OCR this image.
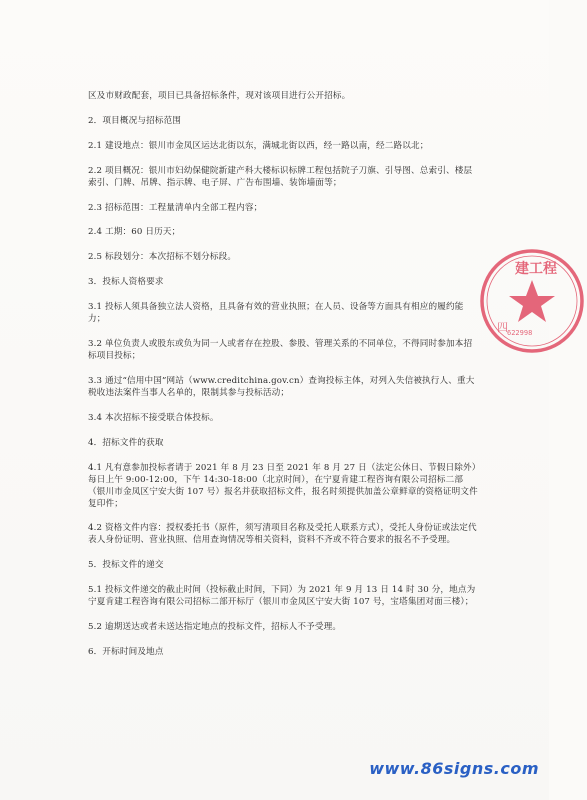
区及市财政配套，项目已具备招标条件，现对该项目进行公开招标。

2．项目概况与招标范围

2.1 建设地点：银川市金凤区运达北街以东，满城北街以西，经一路以南，经二路以北；

2.2 项目概况：银川市妇幼保健院新建产科大楼标识标牌工程包括院子刀旗、引导图、总索引、楼层索引、门牌、吊牌、指示牌、电子屏、广告布围墙、装饰墙面等；

2.3 招标范围：工程量清单内全部工程内容；

2.4 工期：60 日历天；

2.5 标段划分：本次招标不划分标段。

3．投标人资格要求

3.1 投标人须具备独立法人资格，且具备有效的营业执照；在人员、设备等方面具有相应的履约能力；

3.2 单位负责人或股东或负为同一人或者存在控股、参股、管理关系的不同单位，不得同时参加本招标项目投标；

3.3 通过“信用中国”网站（www.creditchina.gov.cn）查询投标主体，对列入失信被执行人、重大税收违法案件当事人名单的，限制其参与投标活动；

3.4 本次招标不接受联合体投标。

4．招标文件的获取

4.1 凡有意参加投标者请于 2021 年 8 月 23 日至 2021 年 8 月 27 日（法定公休日、节假日除外）每日上午 9:00-12:00，下午 14:30-18:00（北京时间），在宁夏肯建工程咨询有限公司招标二部（银川市金凤区宁安大街 107 号）报名并获取招标文件，报名时须提供加盖公章鲜章的资格证明文件复印件；

4.2 资格文件内容：授权委托书（原件，须写清项目名称及受托人联系方式），受托人身份证或法定代表人身份证明、营业执照、信用查询情况等相关资料，资料不齐或不符合要求的报名不予受理。

5．投标文件的递交

5.1 投标文件递交的截止时间（投标截止时间，下同）为 2021 年 9 月 13 日 14 时 30 分，地点为宁夏肯建工程咨询有限公司招标二部开标厅（银川市金凤区宁安大街 107 号，宝塔集团对面三楼）；

5.2 逾期送达或者未送达指定地点的投标文件，招标人不予受理。

6．开标时间及地点

建工程
622998
四
www.86signs.com
